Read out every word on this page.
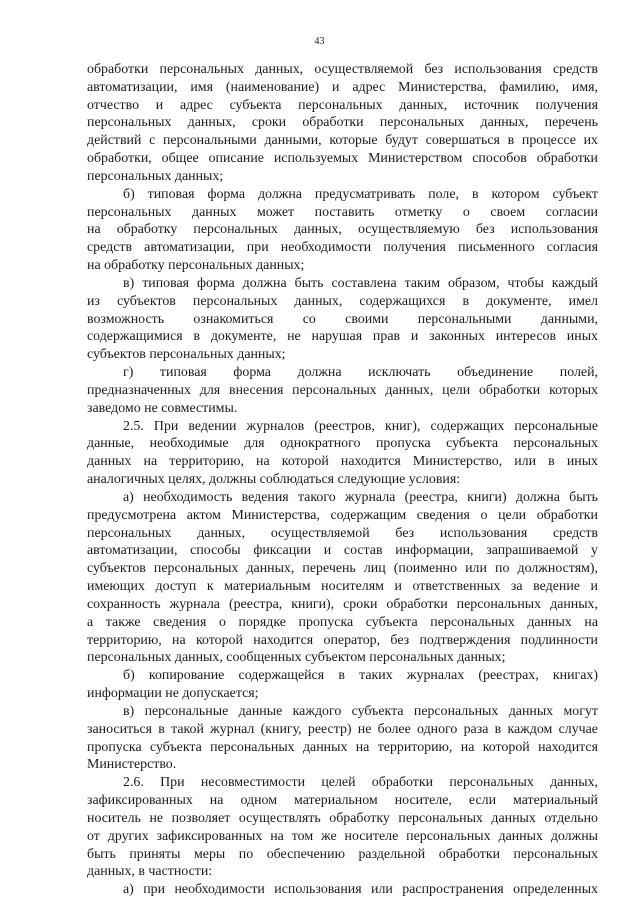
43
обработки персональных данных, осуществляемой без использования средств
автоматизации, имя (наименование) и адрес Министерства, фамилию, имя,
отчество и адрес субъекта персональных данных, источник получения
персональных данных, сроки обработки персональных данных, перечень
действий с персональными данными, которые будут совершаться в процессе их
обработки, общее описание используемых Министерством способов обработки
персональных данных;
б) типовая форма должна предусматривать поле, в котором субъект
персональных данных может поставить отметку о своем согласии
на обработку персональных данных, осуществляемую без использования
средств автоматизации, при необходимости получения письменного согласия
на обработку персональных данных;
в) типовая форма должна быть составлена таким образом, чтобы каждый
из субъектов персональных данных, содержащихся в документе, имел
возможность ознакомиться со своими персональными данными,
содержащимися в документе, не нарушая прав и законных интересов иных
субъектов персональных данных;
г) типовая форма должна исключать объединение полей,
предназначенных для внесения персональных данных, цели обработки которых
заведомо не совместимы.
2.5. При ведении журналов (реестров, книг), содержащих персональные
данные, необходимые для однократного пропуска субъекта персональных
данных на территорию, на которой находится Министерство, или в иных
аналогичных целях, должны соблюдаться следующие условия:
а) необходимость ведения такого журнала (реестра, книги) должна быть
предусмотрена актом Министерства, содержащим сведения о цели обработки
персональных данных, осуществляемой без использования средств
автоматизации, способы фиксации и состав информации, запрашиваемой у
субъектов персональных данных, перечень лиц (поименно или по должностям),
имеющих доступ к материальным носителям и ответственных за ведение и
сохранность журнала (реестра, книги), сроки обработки персональных данных,
а также сведения о порядке пропуска субъекта персональных данных на
территорию, на которой находится оператор, без подтверждения подлинности
персональных данных, сообщенных субъектом персональных данных;
б) копирование содержащейся в таких журналах (реестрах, книгах)
информации не допускается;
в) персональные данные каждого субъекта персональных данных могут
заноситься в такой журнал (книгу, реестр) не более одного раза в каждом случае
пропуска субъекта персональных данных на территорию, на которой находится
Министерство.
2.6. При несовместимости целей обработки персональных данных,
зафиксированных на одном материальном носителе, если материальный
носитель не позволяет осуществлять обработку персональных данных отдельно
от других зафиксированных на том же носителе персональных данных должны
быть приняты меры по обеспечению раздельной обработки персональных
данных, в частности:
а) при необходимости использования или распространения определенных
